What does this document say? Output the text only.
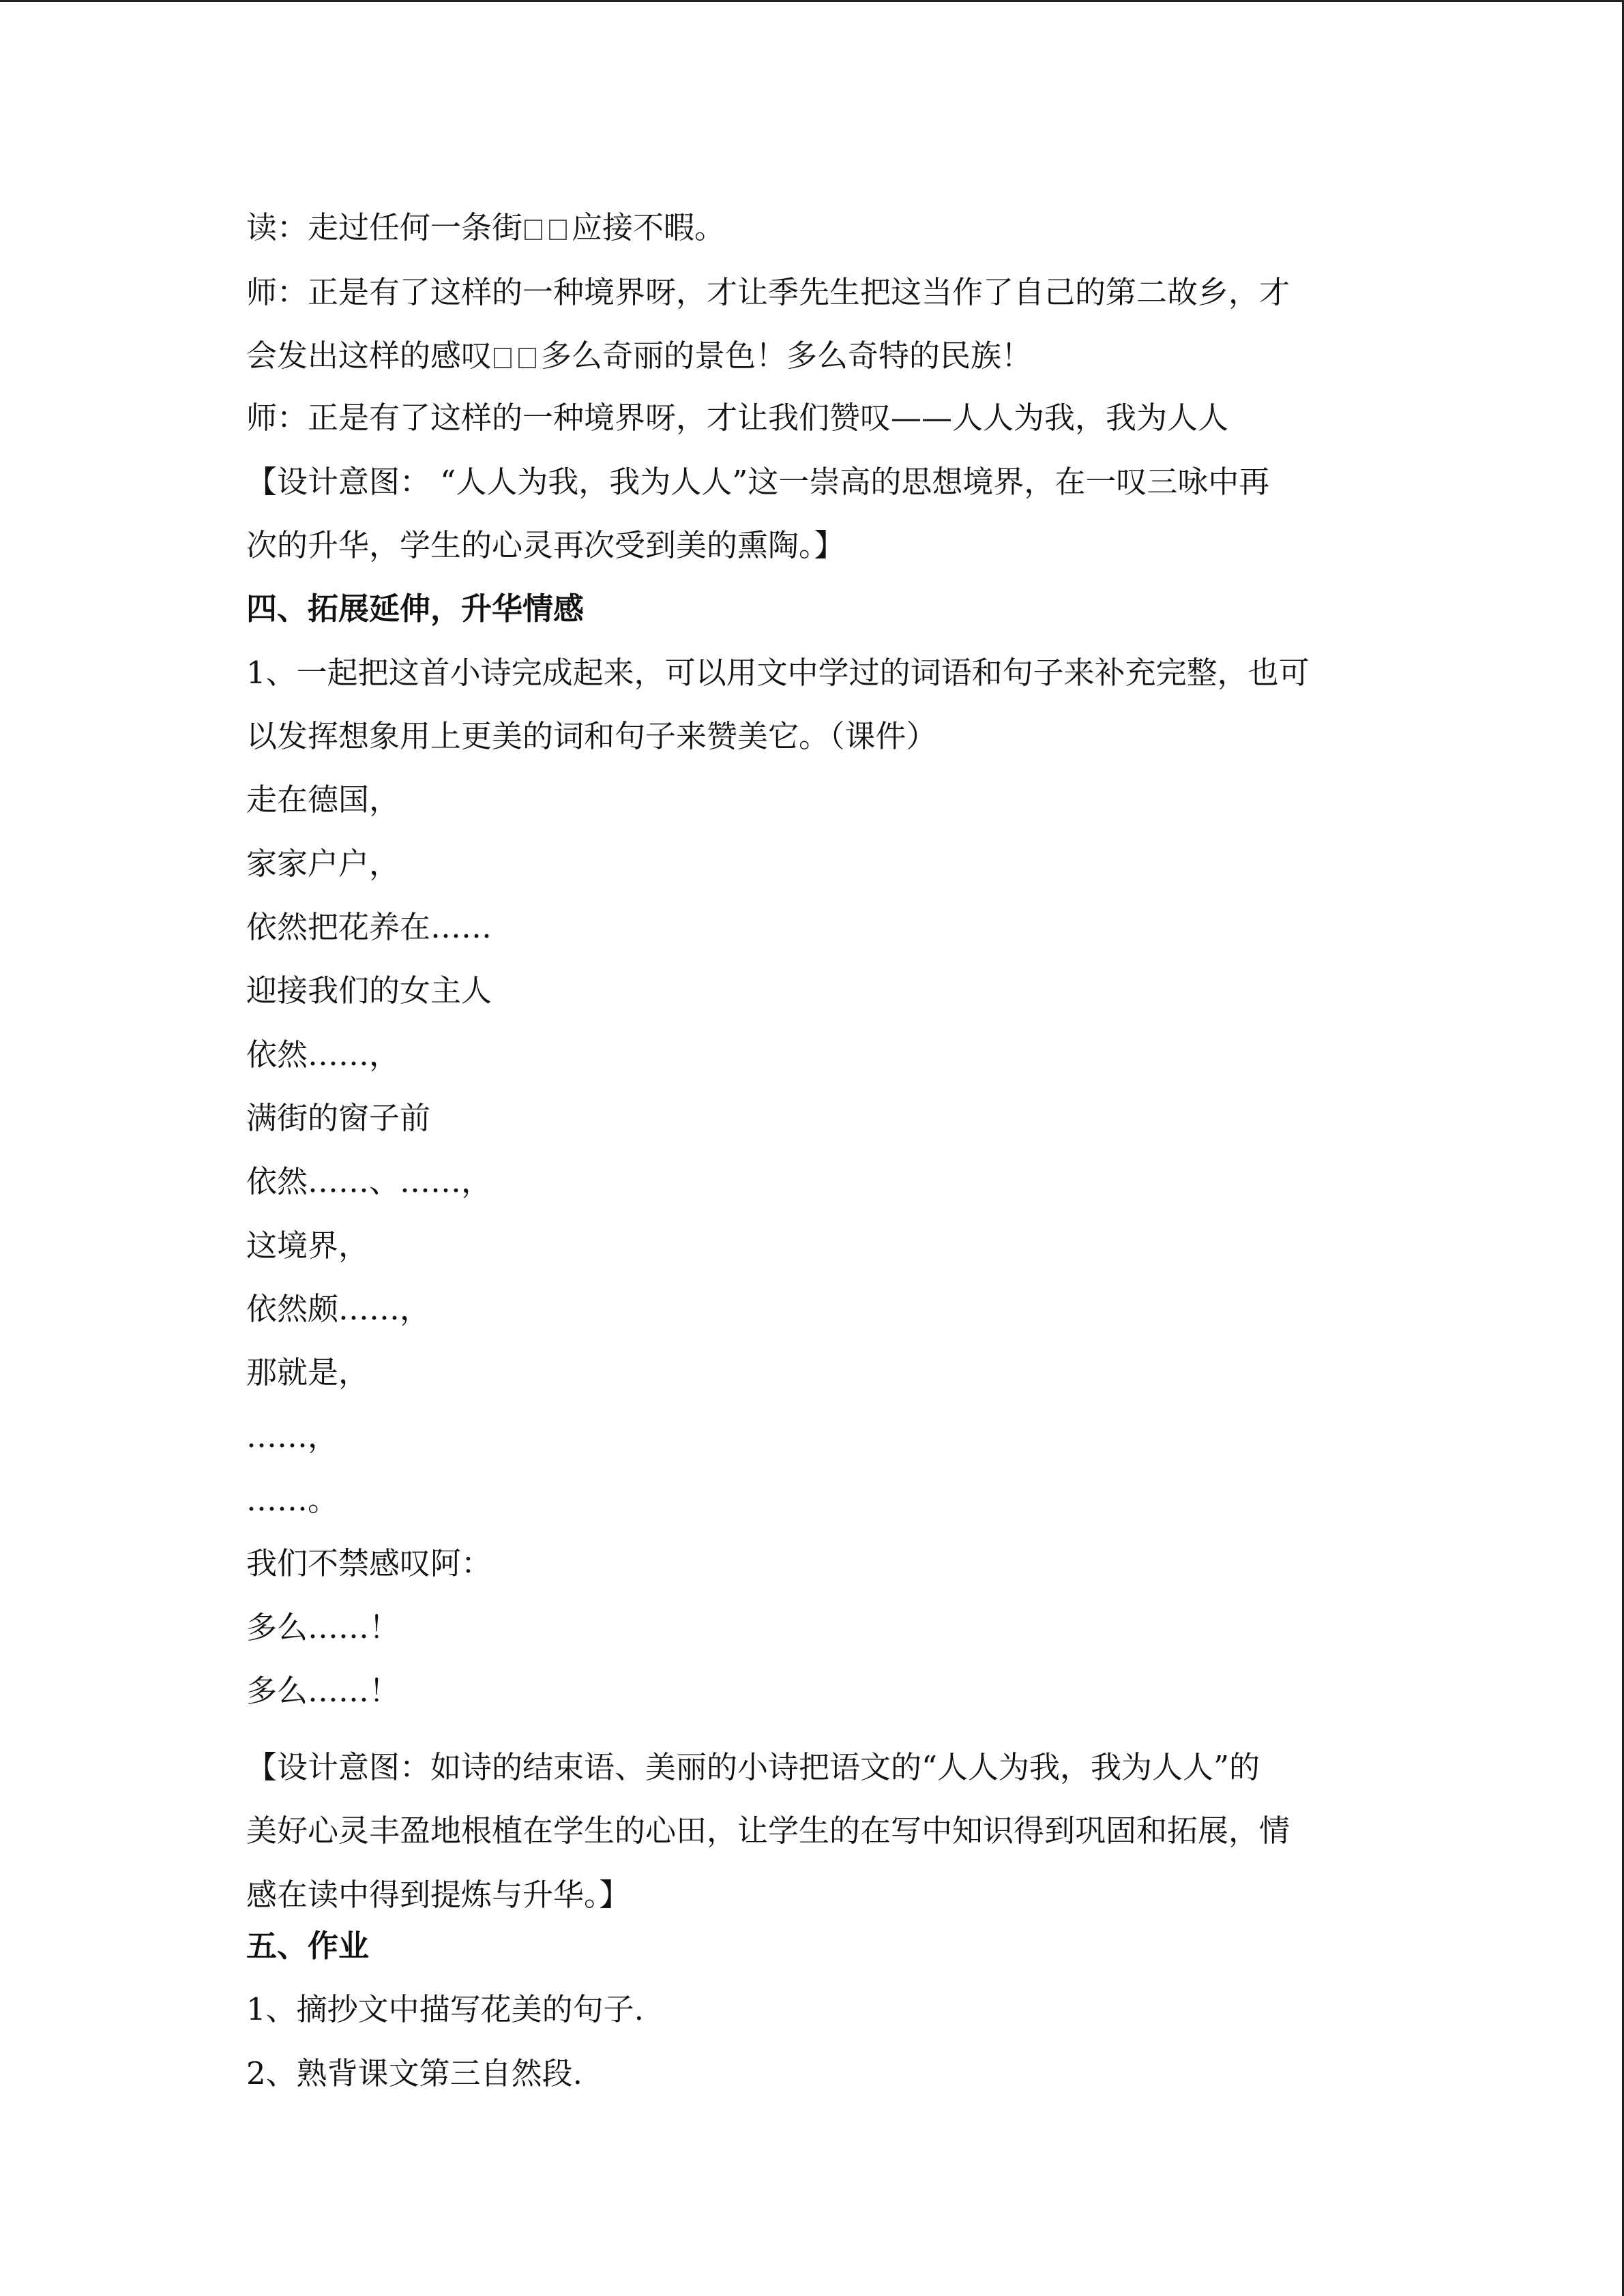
读：走过任何一条街 应接不暇。
师：正是有了这样的一种境界呀，才让季先生把这当作了自己的第二故乡，才
会发出这样的感叹 多么奇丽的景色！多么奇特的民族！
师：正是有了这样的一种境界呀，才让我们赞叹——人人为我，我为人人
【设计意图： “人人为我，我为人人”这一崇高的思想境界，在一叹三咏中再
次的升华，学生的心灵再次受到美的熏陶。】
四、拓展延伸，升华情感
1、一起把这首小诗完成起来，可以用文中学过的词语和句子来补充完整，也可
以发挥想象用上更美的词和句子来赞美它。（课件）
走在德国，
家家户户，
依然把花养在……
迎接我们的女主人
依然……，
满街的窗子前
依然……、……，
这境界，
依然颇……，
那就是，
……，
……。
我们不禁感叹阿：
多么……！
多么……！
【设计意图：如诗的结束语、美丽的小诗把语文的“人人为我，我为人人”的
美好心灵丰盈地根植在学生的心田，让学生的在写中知识得到巩固和拓展，情
感在读中得到提炼与升华。】
五、作业
1、摘抄文中描写花美的句子.
2、熟背课文第三自然段.
